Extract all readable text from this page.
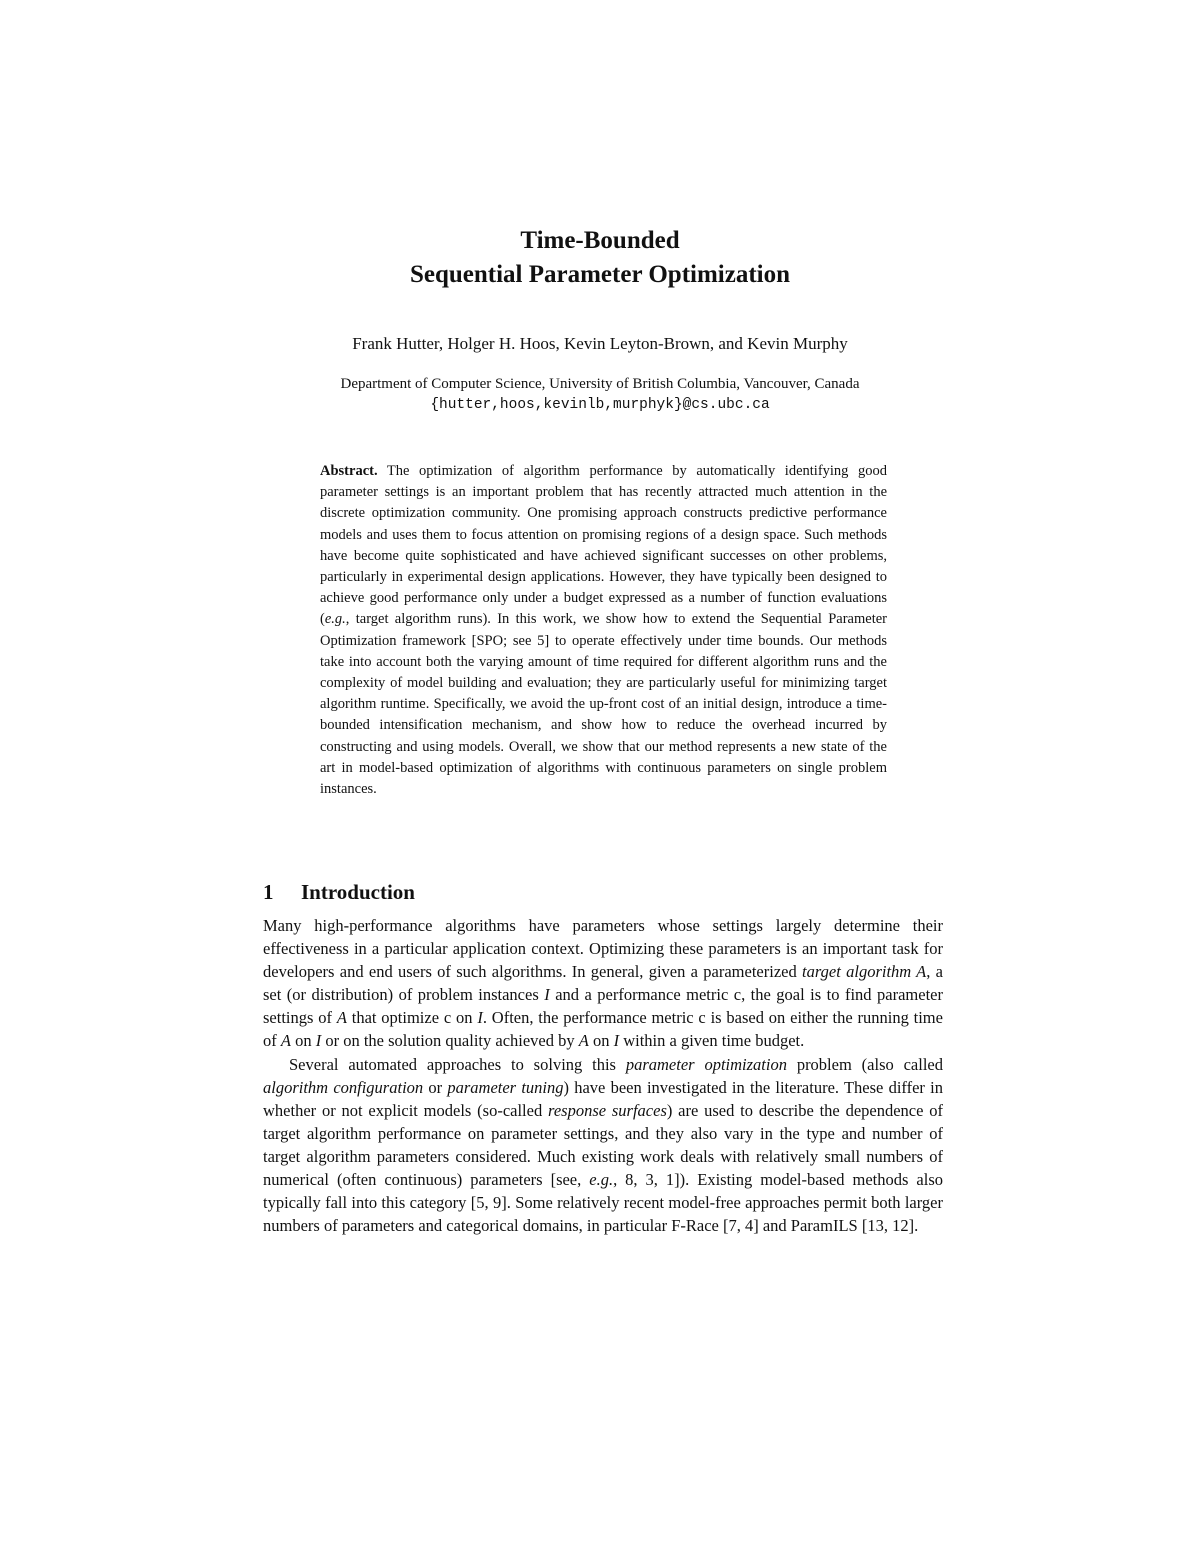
Time-Bounded

Sequential Parameter Optimization

Frank Hutter, Holger H. Hoos, Kevin Leyton-Brown, and Kevin Murphy
Department of Computer Science, University of British Columbia, Vancouver, Canada
{hutter,hoos,kevinlb,murphyk}@cs.ubc.ca

Abstract. The optimization of algorithm performance by automatically identifying good parameter settings is an important problem that has recently attracted much attention in the discrete optimization community. One promising approach constructs predictive performance models and uses them to focus attention on promising regions of a design space. Such methods have become quite sophisticated and have achieved significant successes on other problems, particularly in experimental design applications. However, they have typically been designed to achieve good performance only under a budget expressed as a number of function evaluations (e.g., target algorithm runs). In this work, we show how to extend the Sequential Parameter Optimization framework [SPO; see 5] to operate effectively under time bounds. Our methods take into account both the varying amount of time required for different algorithm runs and the complexity of model building and evaluation; they are particularly useful for minimizing target algorithm runtime. Specifically, we avoid the up-front cost of an initial design, introduce a time-bounded intensification mechanism, and show how to reduce the overhead incurred by constructing and using models. Overall, we show that our method represents a new state of the art in model-based optimization of algorithms with continuous parameters on single problem instances.

1 Introduction

Many high-performance algorithms have parameters whose settings largely determine their effectiveness in a particular application context. Optimizing these parameters is an important task for developers and end users of such algorithms. In general, given a parameterized target algorithm A, a set (or distribution) of problem instances I and a performance metric c, the goal is to find parameter settings of A that optimize c on I. Often, the performance metric c is based on either the running time of A on I or on the solution quality achieved by A on I within a given time budget.

Several automated approaches to solving this parameter optimization problem (also called algorithm configuration or parameter tuning) have been investigated in the literature. These differ in whether or not explicit models (so-called response surfaces) are used to describe the dependence of target algorithm performance on parameter settings, and they also vary in the type and number of target algorithm parameters considered. Much existing work deals with relatively small numbers of numerical (often continuous) parameters [see, e.g., 8, 3, 1]). Existing model-based methods also typically fall into this category [5, 9]. Some relatively recent model-free approaches permit both larger numbers of parameters and categorical domains, in particular F-Race [7, 4] and ParamILS [13, 12].
